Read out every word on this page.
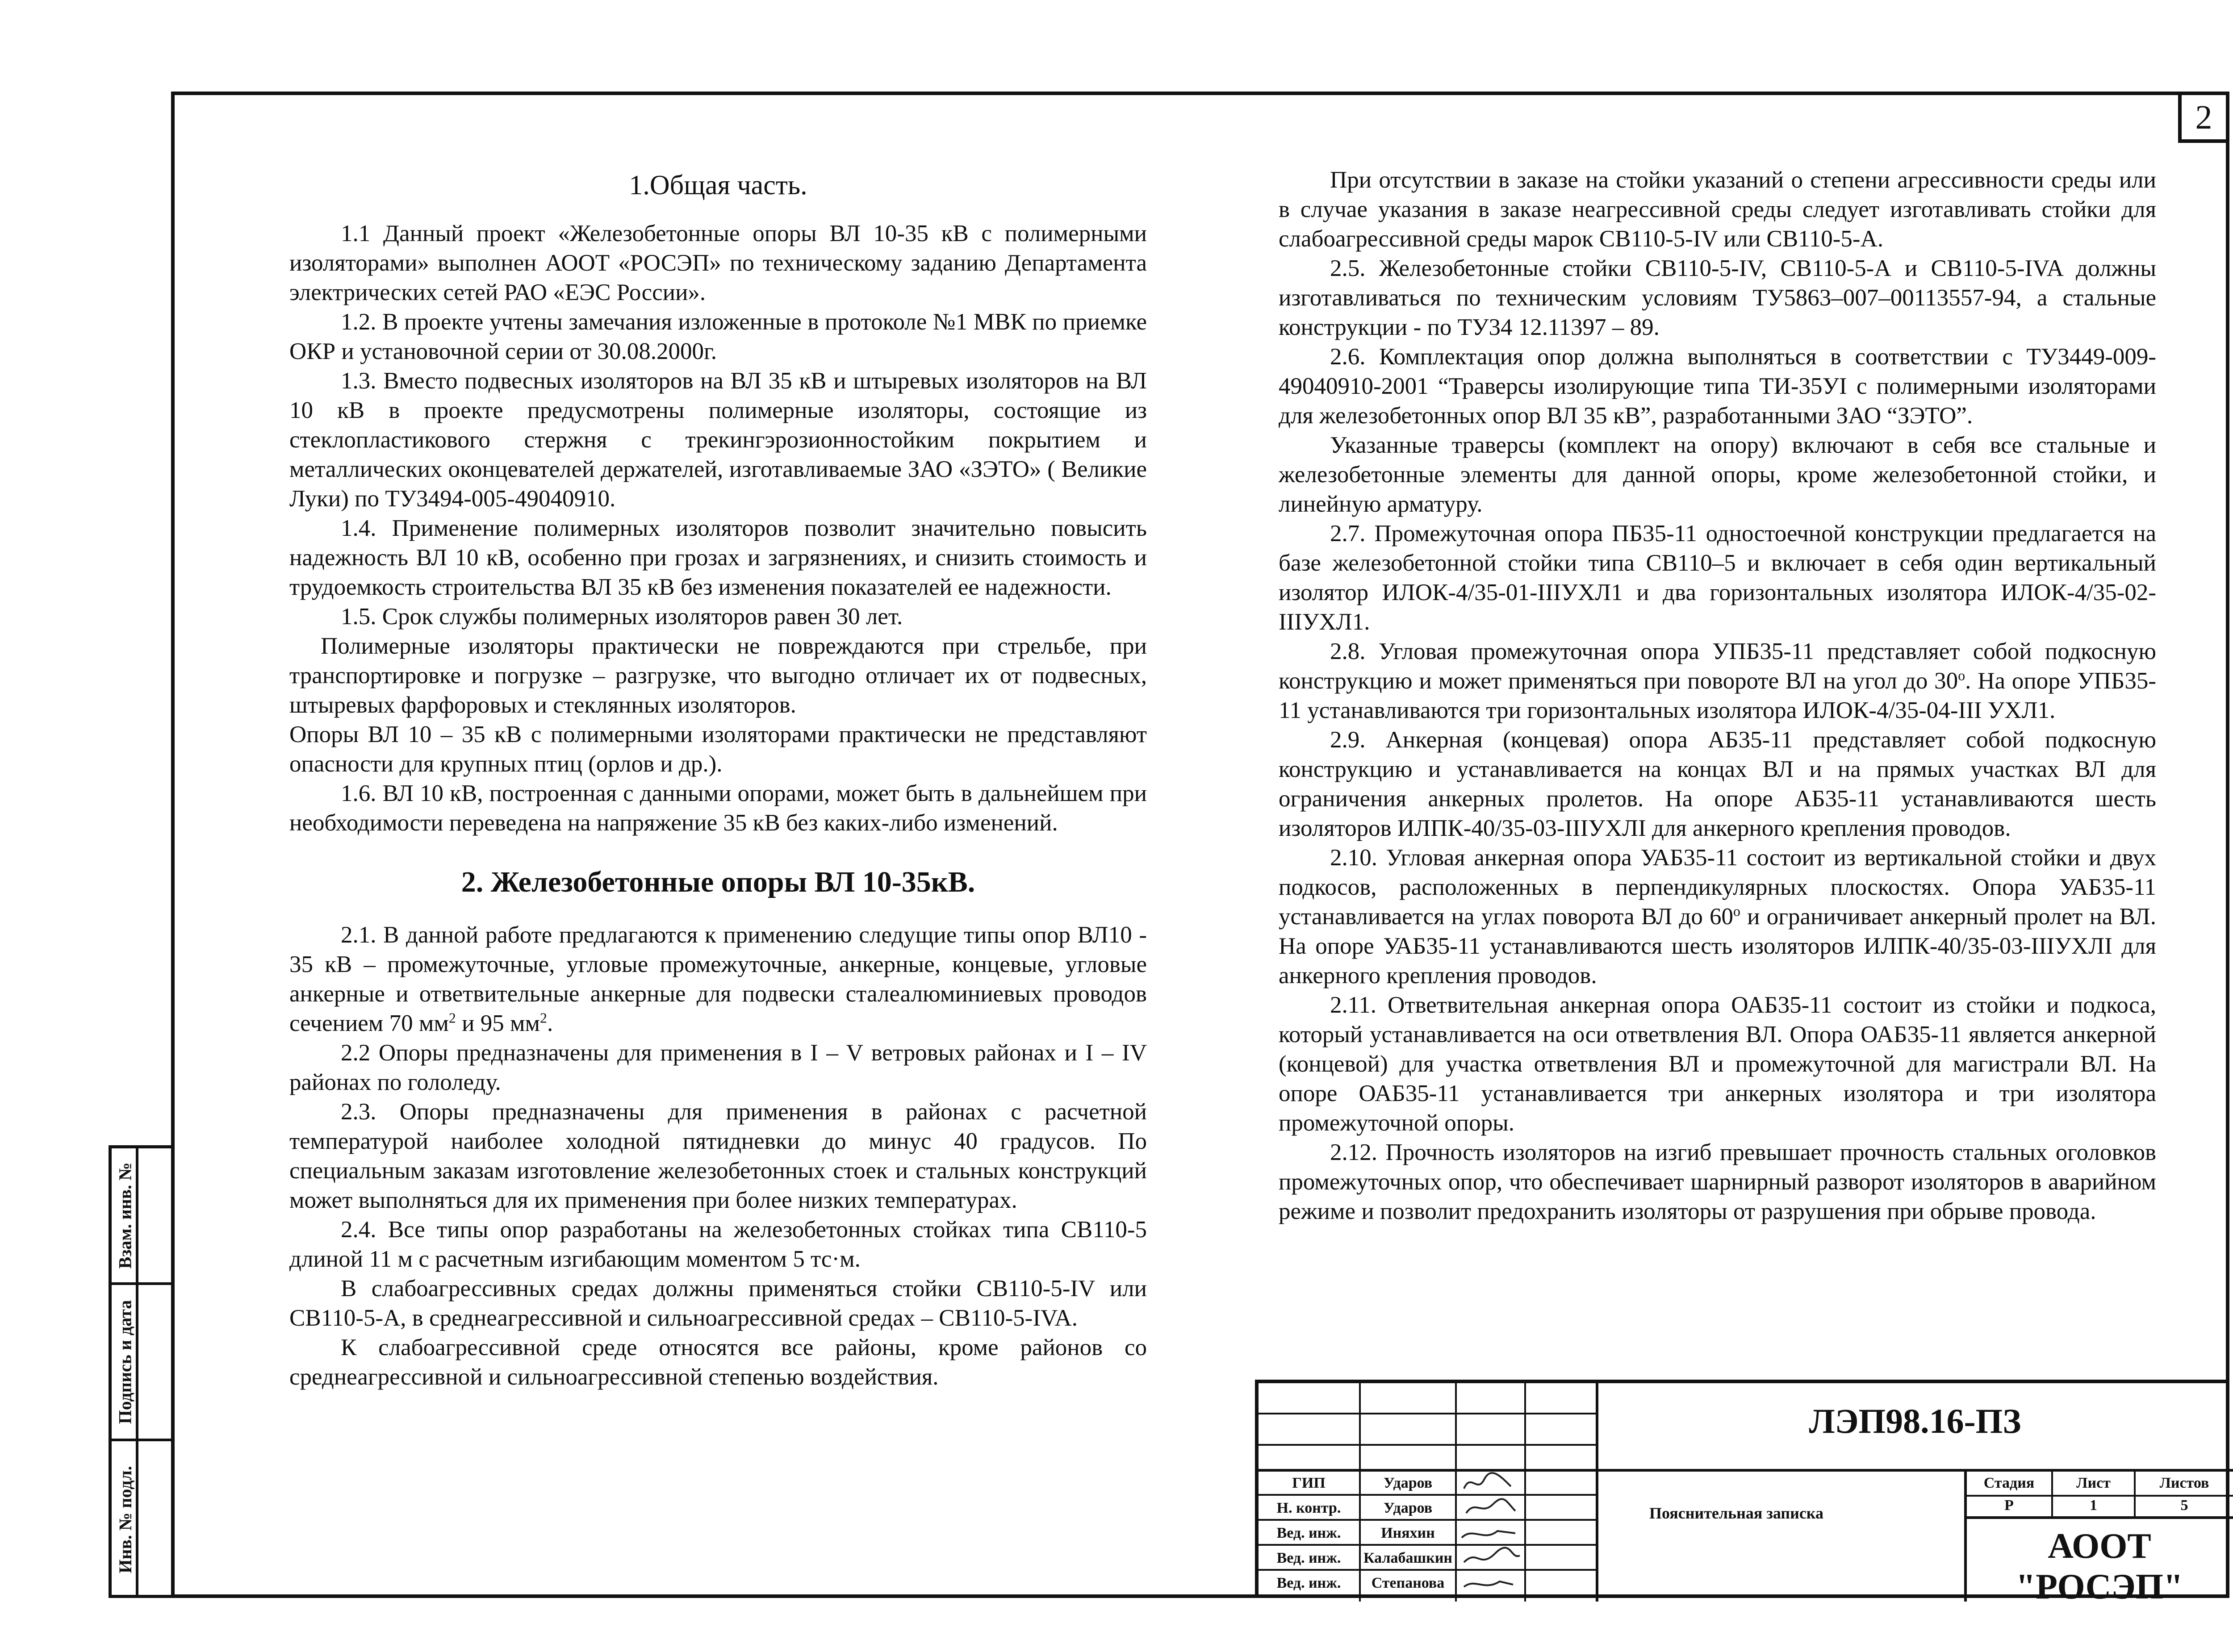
2
Взам. инв. №
Подпись и дата
Инв. № подл.
1.Общая часть.

1.1 Данный проект «Железобетонные опоры ВЛ 10-35 кВ с полимерными изоляторами» выполнен АООТ «РОСЭП» по техническому заданию Департамента электрических сетей РАО «ЕЭС России».

1.2. В проекте учтены замечания изложенные в протоколе №1 МВК по приемке ОКР и установочной серии от 30.08.2000г.

1.3. Вместо подвесных изоляторов на ВЛ 35 кВ и штыревых изоляторов на ВЛ 10 кВ в проекте предусмотрены полимерные изоляторы, состоящие из стеклопластикового стержня с трекингэрозионностойким покрытием и металлических оконцевателей держателей, изготавливаемые ЗАО «ЗЭТО» ( Великие Луки) по ТУ3494-005-49040910.

1.4. Применение полимерных изоляторов позволит значительно повысить надежность ВЛ 10 кВ, особенно при грозах и загрязнениях, и снизить стоимость и трудоемкость строительства ВЛ 35 кВ без изменения показателей ее надежности.

1.5. Срок службы полимерных изоляторов равен 30 лет.

Полимерные изоляторы практически не повреждаются при стрельбе, при транспортировке и погрузке – разгрузке, что выгодно отличает их от подвесных, штыревых фарфоровых и стеклянных изоляторов.

Опоры ВЛ 10 – 35 кВ с полимерными изоляторами практически не представляют опасности для крупных птиц (орлов и др.).

1.6. ВЛ 10 кВ, построенная с данными опорами, может быть в дальнейшем при необходимости переведена на напряжение 35 кВ без каких-либо изменений.

2. Железобетонные опоры ВЛ 10-35кВ.

2.1. В данной работе предлагаются к применению следущие типы опор ВЛ10 - 35 кВ – промежуточные, угловые промежуточные, анкерные, концевые, угловые анкерные и ответвительные анкерные для подвески сталеалюминиевых проводов сечением 70 $мм^2$ и 95 $мм^2$.

2.2 Опоры предназначены для применения в I – V ветровых районах и I – IV районах по гололеду.

2.3. Опоры предназначены для применения в районах с расчетной температурой наиболее холодной пятидневки до минус 40 градусов. По специальным заказам изготовление железобетонных стоек и стальных конструкций может выполняться для их применения при более низких температурах.

2.4. Все типы опор разработаны на железобетонных стойках типа СВ110-5 длиной 11 м с расчетным изгибающим моментом 5 тс·м.

В слабоагрессивных средах должны применяться стойки СВ110-5-IV или СВ110-5-А, в среднеагрессивной и сильноагрессивной средах – СВ110-5-IVA.

К слабоагрессивной среде относятся все районы, кроме районов со среднеагрессивной и сильноагрессивной степенью воздействия.

При отсутствии в заказе на стойки указаний о степени агрессивности среды или в случае указания в заказе неагрессивной среды следует изготавливать стойки для слабоагрессивной среды марок СВ110-5-IV или СВ110-5-А.

2.5. Железобетонные стойки СВ110-5-IV, СВ110-5-А и СВ110-5-IVA должны изготавливаться по техническим условиям ТУ5863–007–00113557-94, а стальные конструкции - по ТУ34 12.11397 – 89.

2.6. Комплектация опор должна выполняться в соответствии с ТУ3449-009-49040910-2001 “Траверсы изолирующие типа ТИ-35УI с полимерными изоляторами для железобетонных опор ВЛ 35 кВ”, разработанными ЗАО “ЗЭТО”.

Указанные траверсы (комплект на опору) включают в себя все стальные и железобетонные элементы для данной опоры, кроме железобетонной стойки, и линейную арматуру.

2.7. Промежуточная опора ПБ35-11 одностоечной конструкции предлагается на базе железобетонной стойки типа СВ110–5 и включает в себя один вертикальный изолятор ИЛОК-4/35-01-IIIУХЛ1 и два горизонтальных изолятора ИЛОК-4/35-02-IIIУХЛ1.

2.8. Угловая промежуточная опора УПБ35-11 представляет собой подкосную конструкцию и может применяться при повороте ВЛ на угол до 30$^o$. На опоре УПБ35-11 устанавливаются три горизонтальных изолятора ИЛОК-4/35-04-III УХЛ1.

2.9. Анкерная (концевая) опора АБ35-11 представляет собой подкосную конструкцию и устанавливается на концах ВЛ и на прямых участках ВЛ для ограничения анкерных пролетов. На опоре АБ35-11 устанавливаются шесть изоляторов ИЛПК-40/35-03-IIIУХЛI для анкерного крепления проводов.

2.10. Угловая анкерная опора УАБ35-11 состоит из вертикальной стойки и двух подкосов, расположенных в перпендикулярных плоскостях. Опора УАБ35-11 устанавливается на углах поворота ВЛ до 60$^o$ и ограничивает анкерный пролет на ВЛ. На опоре УАБ35-11 устанавливаются шесть изоляторов ИЛПК-40/35-03-IIIУХЛI для анкерного крепления проводов.

2.11. Ответвительная анкерная опора ОАБ35-11 состоит из стойки и подкоса, который устанавливается на оси ответвления ВЛ. Опора ОАБ35-11 является анкерной (концевой) для участка ответвления ВЛ и промежуточной для магистрали ВЛ. На опоре ОАБ35-11 устанавливается три анкерных изолятора и три изолятора промежуточной опоры.

2.12. Прочность изоляторов на изгиб превышает прочность стальных оголовков промежуточных опор, что обеспечивает шарнирный разворот изоляторов в аварийном режиме и позволит предохранить изоляторы от разрушения при обрыве провода.

ЛЭП98.16-ПЗ
Пояснительная записка
АООТ "РОСЭП"
Стадия	Лист	Листов
Р	1	5
ГИП	Ударов
Н. контр.	Ударов
Вед. инж.	Иняхин
Вед. инж.	Калабашкин
Вед. инж.	Степанова
